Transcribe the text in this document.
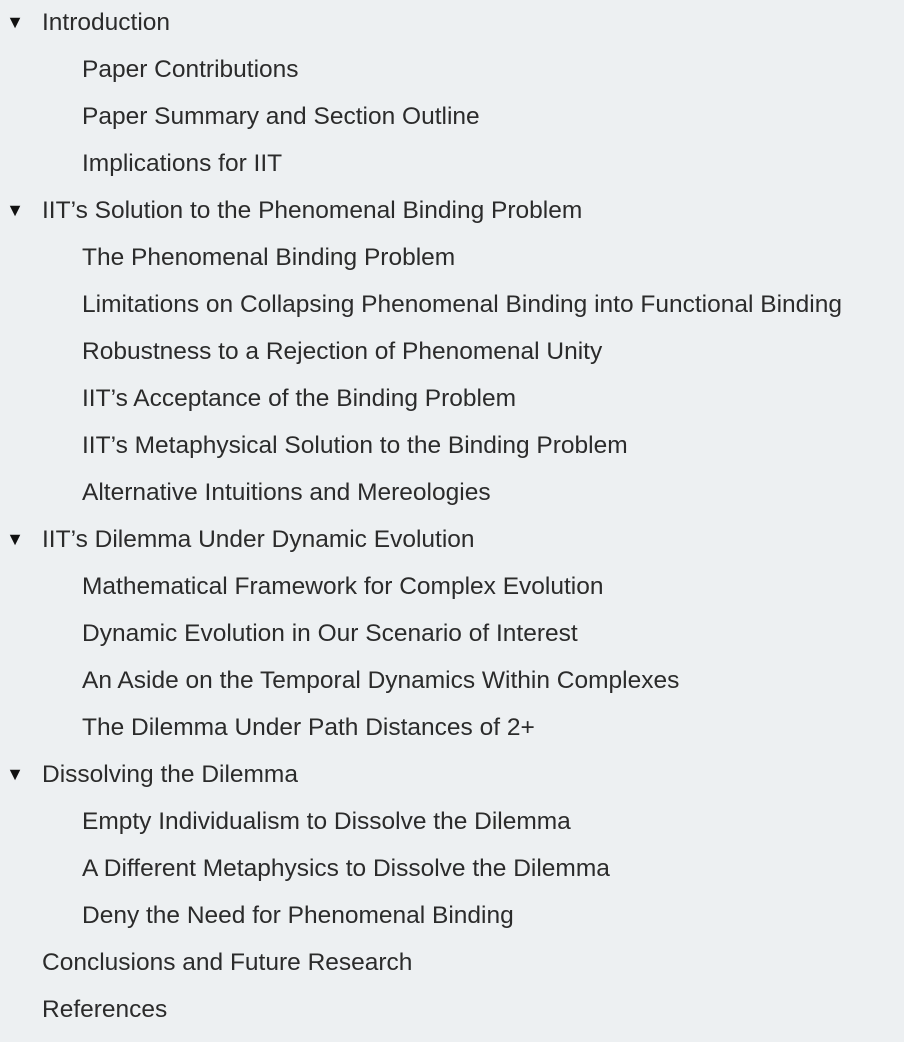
▼ Introduction
Paper Contributions
Paper Summary and Section Outline
Implications for IIT
▼ IIT’s Solution to the Phenomenal Binding Problem
The Phenomenal Binding Problem
Limitations on Collapsing Phenomenal Binding into Functional Binding
Robustness to a Rejection of Phenomenal Unity
IIT’s Acceptance of the Binding Problem
IIT’s Metaphysical Solution to the Binding Problem
Alternative Intuitions and Mereologies
▼ IIT’s Dilemma Under Dynamic Evolution
Mathematical Framework for Complex Evolution
Dynamic Evolution in Our Scenario of Interest
An Aside on the Temporal Dynamics Within Complexes
The Dilemma Under Path Distances of 2+
▼ Dissolving the Dilemma
Empty Individualism to Dissolve the Dilemma
A Different Metaphysics to Dissolve the Dilemma
Deny the Need for Phenomenal Binding
Conclusions and Future Research
References
